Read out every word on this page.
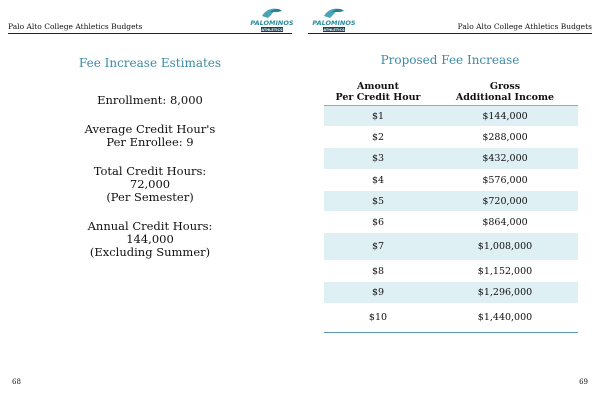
Palo Alto College Athletics Budgets	PALOMINOS
ATHLETICS
Fee Increase Estimates
Enrollment: 8,000
Average Credit Hour's
Per Enrollee: 9
Total Credit Hours:
72,000
(Per Semester)
Annual Credit Hours:
144,000
(Excluding Summer)
68
PALOMINOS
ATHLETICS	Palo Alto College Athletics Budgets
Proposed Fee Increase
Amount
Per Credit Hour
Gross
Additional Income
$1	$144,000
$2	$288,000
$3	$432,000
$4	$576,000
$5	$720,000
$6	$864,000
$7	$1,008,000
$8	$1,152,000
$9	$1,296,000
$10	$1,440,000
69
